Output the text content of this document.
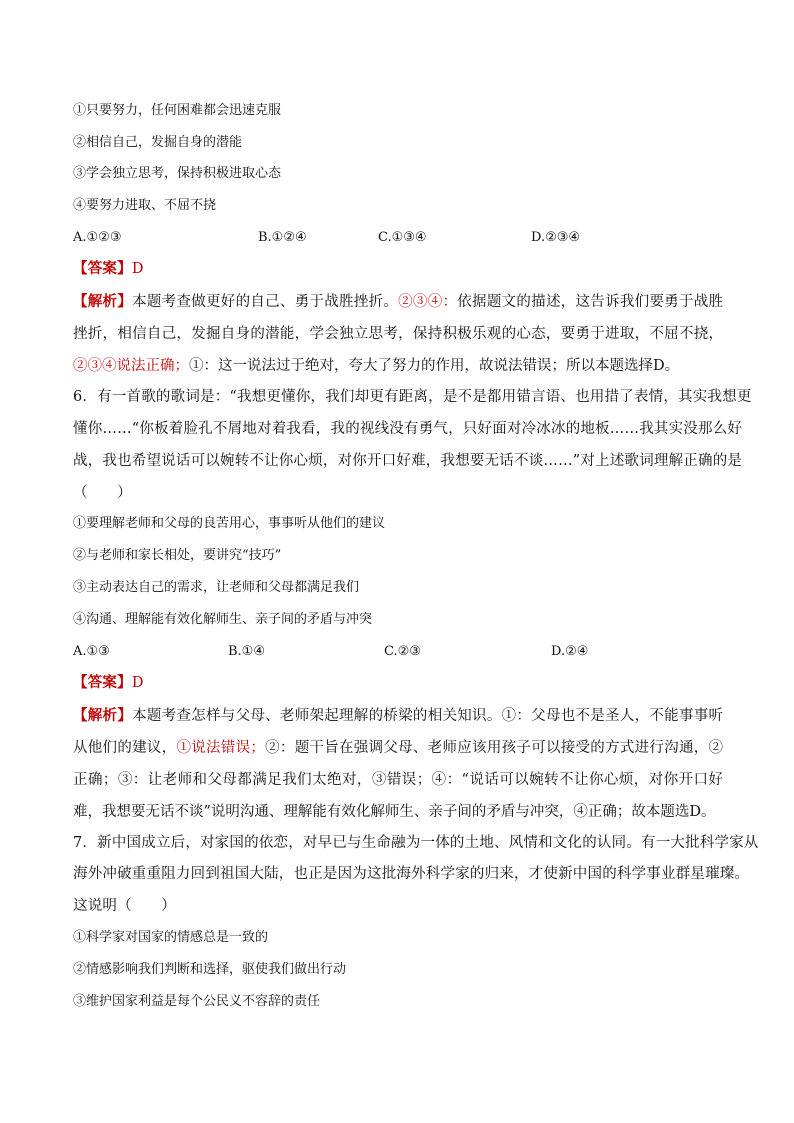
①只要努力，任何困难都会迅速克服
②相信自己，发掘自身的潜能
③学会独立思考，保持积极进取心态
④要努力进取、不屈不挠
A.①②③	B.①②④	C.①③④	D.②③④
【答案】D
【解析】本题考查做更好的自己、勇于战胜挫折。②③④：依据题文的描述，这告诉我们要勇于战胜挫折，相信自己，发掘自身的潜能，学会独立思考，保持积极乐观的心态，要勇于进取，不屈不挠，②③④说法正确；①：这一说法过于绝对，夸大了努力的作用，故说法错误；所以本题选择D。
6．有一首歌的歌词是：“我想更懂你，我们却更有距离，是不是都用错言语、也用措了表情，其实我想更
懂你……“你板着脸孔不屑地对着我看，我的视线没有勇气，只好面对冷冰冰的地板……我其实没那么好
战，我也希望说话可以婉转不让你心烦，对你开口好难，我想要无话不谈……”对上述歌词理解正确的是
（　　）
①要理解老师和父母的良苦用心，事事听从他们的建议
②与老师和家长相处，要讲究“技巧”
③主动表达自己的需求，让老师和父母都满足我们
④沟通、理解能有效化解师生、亲子间的矛盾与冲突
A.①③	B.①④	C.②③	D.②④
【答案】D
【解析】本题考查怎样与父母、老师架起理解的桥梁的相关知识。①：父母也不是圣人，不能事事听从他们的建议，①说法错误；②：题干旨在强调父母、老师应该用孩子可以接受的方式进行沟通，②正确；③：让老师和父母都满足我们太绝对，③错误；④：“说话可以婉转不让你心烦，对你开口好难，我想要无话不谈”说明沟通、理解能有效化解师生、亲子间的矛盾与冲突，④正确；故本题选D。
7．新中国成立后，对家国的依恋，对早已与生命融为一体的土地、风情和文化的认同。有一大批科学家从
海外冲破重重阻力回到祖国大陆，也正是因为这批海外科学家的归来，才使新中国的科学事业群星璀璨。
这说明（　　）
①科学家对国家的情感总是一致的
②情感影响我们判断和选择，驱使我们做出行动
③维护国家利益是每个公民义不容辞的责任
